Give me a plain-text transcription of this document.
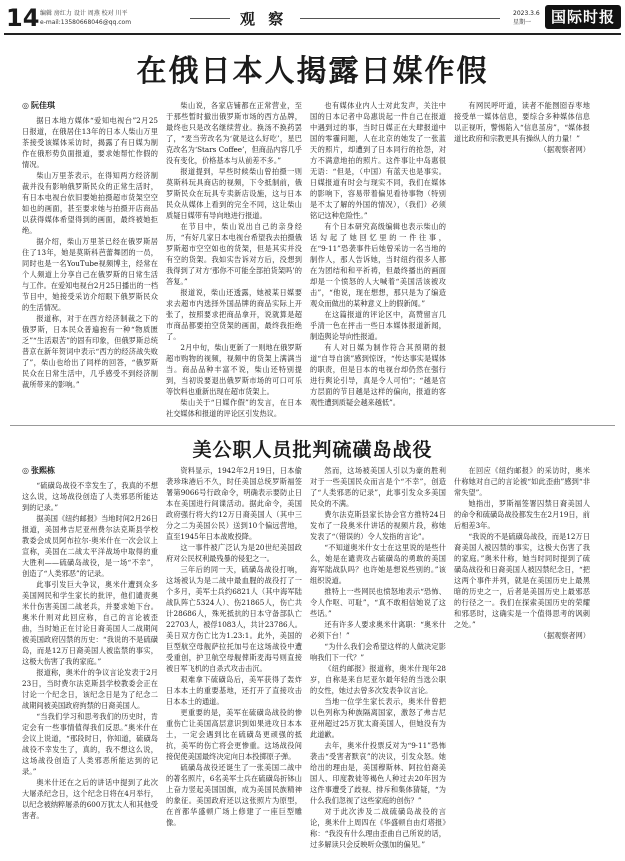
14 编辑 房红力 设计 周燕 校对 川平
e-mail:13580668046@qq.com	观 察	2023.3.6
星期一	国际时报
在俄日本人揭露日媒作假
◎ 阮佳琪

据日本地方媒体“爱知电视台”2月25日报道，在俄居住13年的日本人柴山万里茶接受该媒体采访时，揭露了有日媒为制作在俄形势负面报道，要求她帮忙作假的情况。

柴山万里茶表示，在得知两方经济制裁并没有影响俄罗斯民众的正常生活时，有日本电视台依旧要她拍摄超市货架空空如也的画面，甚至要求她与拍摄开店商品以获得媒体希望得到的画面，最终被她拒绝。

据介绍，柴山万里茶已经在俄罗斯居住了13年，她是莫斯科芭蕾舞团的一员，同时也是一名YouTube视频博主，经常在个人频道上分享自己在俄罗斯的日常生活与工作。在爱知电视台2月25日播出的一档节目中，她接受采访介绍眼下俄罗斯民众的生活情况。

报道称，对于在西方经济制裁之下的俄罗斯，日本民众普遍抱有一种“物质匮乏”“生活艰苦”的固有印象，但俄罗斯总统普京在新年贺词中表示“西方的经济战失败了”，柴山也给出了同样的回答，“俄罗斯民众在日常生活中，几乎感受不到经济制裁所带来的影响。”

柴山说，各家店铺都在正常营业，至于那些暂时撤出俄罗斯市场的西方品牌，最终也只是改名继续营业。换汤不换药罢了，“麦当劳改名为‘就是这么好吃’，星巴克改名为‘Stars Coffee’，但商品内容几乎没有变化，价格基本与从前差不多。”

报道提到，早些时候柴山曾拍摄一则莫斯科玩具商店的视频，下令抵制前，俄罗斯民众在玩具专卖新店设施，这与日本民众从媒体上看到的完全不同，这让柴山质疑日媒带有导向地进行报道。

在节目中，柴山说出自己的亲身经历，“有好几家日本电视台希望我去拍摄俄罗斯超市空空如也的货架，但是其实并没有空的货架。我如实告诉对方后，没想到我得到了对方‘那你不可能全部拍货架吗’的答复。”

报道说，柴山还透露，她被某日媒要求去超市内选择外国品牌的商品实际上开张了，按照要求把商品拿开，说就算是超市商品都要拍空货架的画面，最终我拒绝了。

2月中旬，柴山更新了一则地在俄罗斯超市购物的视频，视频中的货架上满满当当。商品品种丰富不说，柴山还特别提到，当初说要退出俄罗斯市场的可口可乐等饮料也重新出现在超市货架上。

柴山关于“日媒作假”的发言，在日本社交媒体和报道的评论区引发热议。

也有媒体业内人士对此发声，关注中国的日本记者中岛惠说起一件自己在报道中遇到过的事，当时日媒正在大肆报道中国的零霾问题，人在北京的她发了一张蓝天的照片，却遭到了日本同行的抢怨，对方不满意地拍的照片。这件事让中岛惠很无语：“但是，（中国）有蓝天也是事实。日媒报道有时会与现实不同，我们在媒体的影响下，容易带着偏见看待事物（特别是不太了解的外国的情况），（我们）必须铭记这种危险性。”

有个日本研究高级编辑也表示柴山的话勾起了她回忆里的一件往事，在“9·11”恐袭事件后她曾采访一名当地的制作人，那人告诉她，当时纽约很多人都在为团结和和平祈祷，但最终播出的画面却是一个愤怒的人大喊着“美国活该被攻击”，“他说，现在想想，那只是为了编造观众而做出的某种意义上的假新闻。”

在这篇报道的评论区中，高赞留言几乎清一色在抨击一些日本媒体报道新闻，制造舆论导向性报道。

有人对日媒为制作符合其预期的报道“自导自演”感到惊讶，“传达事实是媒体的职责，但是日本的电视台却仍然在强行进行舆论引导，真是令人可怕”；“越是官方层面的节目越是这样的偏向，报道的客观性遭到质疑会越来越低”。

有网民呼吁道，读者不能囫囵吞枣地接受单一媒体信息，要综合多种媒体信息以正视听，警惕陷入“信息茧房”，“媒体报道比政府和宗教更具有操纵人的力量！”

（据观察者网）

美公职人员批判硫磺岛战役
◎ 张熙栋

“硫磺岛战役不幸发生了，我真的不想这么说，这场战役创造了人类邪恶所能达到的记录。”

据美国《纽约邮报》当地时间2月26日报道，美国弗吉尼亚州费尔法克斯县学校教委会成员阿布拉尔·奥米什在一次会议上宣称，美国在二战太平洋战场中取得的重大胜利——硫磺岛战役，是一场“不幸”，创造了“人类邪恶”的记录。

此事引发巨大争议，奥米什遭到众多美国网民和学生家长的批评，他们谴责奥米什伤害美国二战老兵，并要求她下台。奥米什则对此回应称，自己的言论被歪曲，当时她正在讨论日裔美国人二战期间被美国政府囚禁的历史：“我说的不是硫磺岛，而是12万日裔美国人被监禁的事实，这极大伤害了我的家庭。”

报道称，奥米什的争议言论发表于2月23日，当时费尔法克斯县学校教委会正在讨论一个纪念日，该纪念日是为了纪念二战期间被美国政府拘禁的日裔美国人。

“当我们学习和思考我们的历史时，肯定会有一些事情值得我们反思。”奥米什在会议上说道，“那段时日，你知道，硫磺岛战役不幸发生了，真的，我不想这么说，这场战役创造了人类邪恶所能达到的记录。”

奥米什还在之后的讲话中提到了此次大屠杀纪念日，这个纪念日将在4月举行，以纪念被纳粹屠杀的600万犹太人和其他受害者。

资料显示，1942年2月19日，日本偷袭珍珠港后不久，时任美国总统罗斯福签署第9066号行政命令，明确表示要防止日本在美国进行间谍活动。据此命令，美国政府强行将大约12万日裔美国人（其中三分之二为美国公民）送到10个偏远营地，直至1945年日本战败投降。

这一事件被广泛认为是20世纪美国政府对公民权利最残暴的侵犯之一。

三年后的同一天，硫磺岛战役打响，这场被认为是二战中最血腥的战役打了一个多月，美军士兵约6821人（其中海军陆战队阵亡5324人）、伤21865人，伤亡共计28686人，殊死抵抗的日本守备部队亡22703人，被俘1083人，共计23786人。美日双方伤亡比为1.23:1。此外，美国的巨型航空母舰萨拉托加号在这场战役中遭受重创，护卫航空母舰俾斯麦海号则直接被日军飞机的自杀式攻击击沉。

艰难拿下硫磺岛后，美军获得了轰炸日本本土的重要基地，还打开了直接攻击日本本土的通道。

更重要的是，美军在硫磺岛战役的惨重伤亡让美国高层意识到如果进攻日本本土，一定会遇到比在硫磺岛更顽强的抵抗，美军的伤亡将会更惨重。这场战役间接促使美国最终决定向日本投掷原子弹。

硫磺岛战役还诞生了一张美国二战中的著名照片，6名美军士兵在硫磺岛折钵山上奋力竖起美国国旗，成为美国民族精神的象征。美国政府还以这张照片为原型，在首都华盛顿广场上修建了一座巨型雕像。

然而，这场被美国人引以为豪的胜利对于一些美国民众而言是个“不幸”，创造了“人类邪恶的记录”，此事引发众多美国民众的不满。

费尔法克斯县家长协会官方推特24日发布了一段奥米什讲话的视频片段，称她发表了“（错误的）令人发指的言论”。

“不知道奥米什女士在这里说的是些什么，她是在谴责攻占硫磺岛的勇敢的美国海军陆战队吗？也许她是想说些别的。”该组织说道。

推特上一些网民也愤怒地表示“恐怖、令人作呕、可耻”，“真不敢相信她说了这些话。”

还有许多人要求奥米什离职：“奥米什必须下台！”

“为什么我们会希望这样的人做决定影响我们下一代？”

《纽约邮报》报道称，奥米什现年28岁，自称是来自尼亚尔最年轻的当选公职的女性，她过去曾多次发表争议言论。

当地一位学生家长表示，奥米什曾把以色列称为种族隔离国家，激怒了弗吉尼亚州超过25万犹太裔美国人，但她没有为此道歉。

去年，奥米什投票反对为“9·11”恐怖袭击“受害者默哀”的决议，引发众怒。她给出的理由是，美国穆斯林、阿拉伯裔美国人、印度教徒等褐色人种过去20年因为这件事遭受了歧视、排斥和集体猜疑，“为什么我们忽视了这些家庭的创伤？”

对于此次涉及二战硫磺岛战役的言论，奥米什上周四在《华盛顿自由灯塔报》称：“我没有什么理由歪曲自己所说的话，过多解读只会反映听众强加的偏见。”

在回应《纽约邮报》的采访时，奥米什称她对自己的言论被“如此歪曲”感到“非常失望”。

她指出，罗斯福签署囚禁日裔美国人的命令和硫磺岛战役都发生在2月19日，前后相差3年。

“我说的不是硫磺岛战役，而是12万日裔美国人被囚禁的事实，这极大伤害了我的家庭。”奥米什称，她当时同时提到了硫磺岛战役和日裔美国人被囚禁纪念日，“把这两个事件并列，就是在美国历史上最黑暗的历史之一，后者是美国历史上最邪恶的行径之一。我们在探索美国历史的荣耀和邪恶时，这确实是一个值得思考的讽刺之处。”

（据观察者网）
